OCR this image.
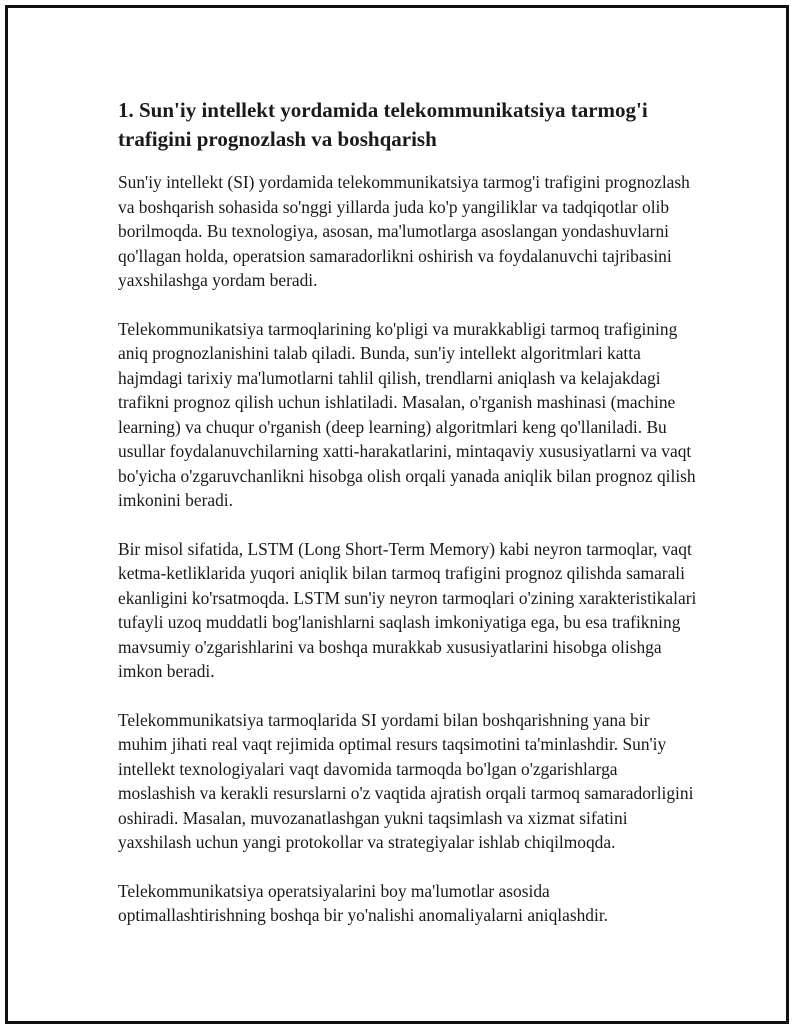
1. Sun'iy intellekt yordamida telekommunikatsiya tarmog'i trafigini prognozlash va boshqarish

Sun'iy intellekt (SI) yordamida telekommunikatsiya tarmog'i trafigini prognozlash va boshqarish sohasida so'nggi yillarda juda ko'p yangiliklar va tadqiqotlar olib borilmoqda. Bu texnologiya, asosan, ma'lumotlarga asoslangan yondashuvlarni qo'llagan holda, operatsion samaradorlikni oshirish va foydalanuvchi tajribasini yaxshilashga yordam beradi.

Telekommunikatsiya tarmoqlarining ko'pligi va murakkabligi tarmoq trafigining aniq prognozlanishini talab qiladi. Bunda, sun'iy intellekt algoritmlari katta hajmdagi tarixiy ma'lumotlarni tahlil qilish, trendlarni aniqlash va kelajakdagi trafikni prognoz qilish uchun ishlatiladi. Masalan, o'rganish mashinasi (machine learning) va chuqur o'rganish (deep learning) algoritmlari keng qo'llaniladi. Bu usullar foydalanuvchilarning xatti-harakatlarini, mintaqaviy xususiyatlarni va vaqt bo'yicha o'zgaruvchanlikni hisobga olish orqali yanada aniqlik bilan prognoz qilish imkonini beradi.

Bir misol sifatida, LSTM (Long Short-Term Memory) kabi neyron tarmoqlar, vaqt ketma-ketliklarida yuqori aniqlik bilan tarmoq trafigini prognoz qilishda samarali ekanligini ko'rsatmoqda. LSTM sun'iy neyron tarmoqlari o'zining xarakteristikalari tufayli uzoq muddatli bog'lanishlarni saqlash imkoniyatiga ega, bu esa trafikning mavsumiy o'zgarishlarini va boshqa murakkab xususiyatlarini hisobga olishga imkon beradi.

Telekommunikatsiya tarmoqlarida SI yordami bilan boshqarishning yana bir muhim jihati real vaqt rejimida optimal resurs taqsimotini ta'minlashdir. Sun'iy intellekt texnologiyalari vaqt davomida tarmoqda bo'lgan o'zgarishlarga moslashish va kerakli resurslarni o'z vaqtida ajratish orqali tarmoq samaradorligini oshiradi. Masalan, muvozanatlashgan yukni taqsimlash va xizmat sifatini yaxshilash uchun yangi protokollar va strategiyalar ishlab chiqilmoqda.

Telekommunikatsiya operatsiyalarini boy ma'lumotlar asosida optimallashtirishning boshqa bir yo'nalishi anomaliyalarni aniqlashdir.
